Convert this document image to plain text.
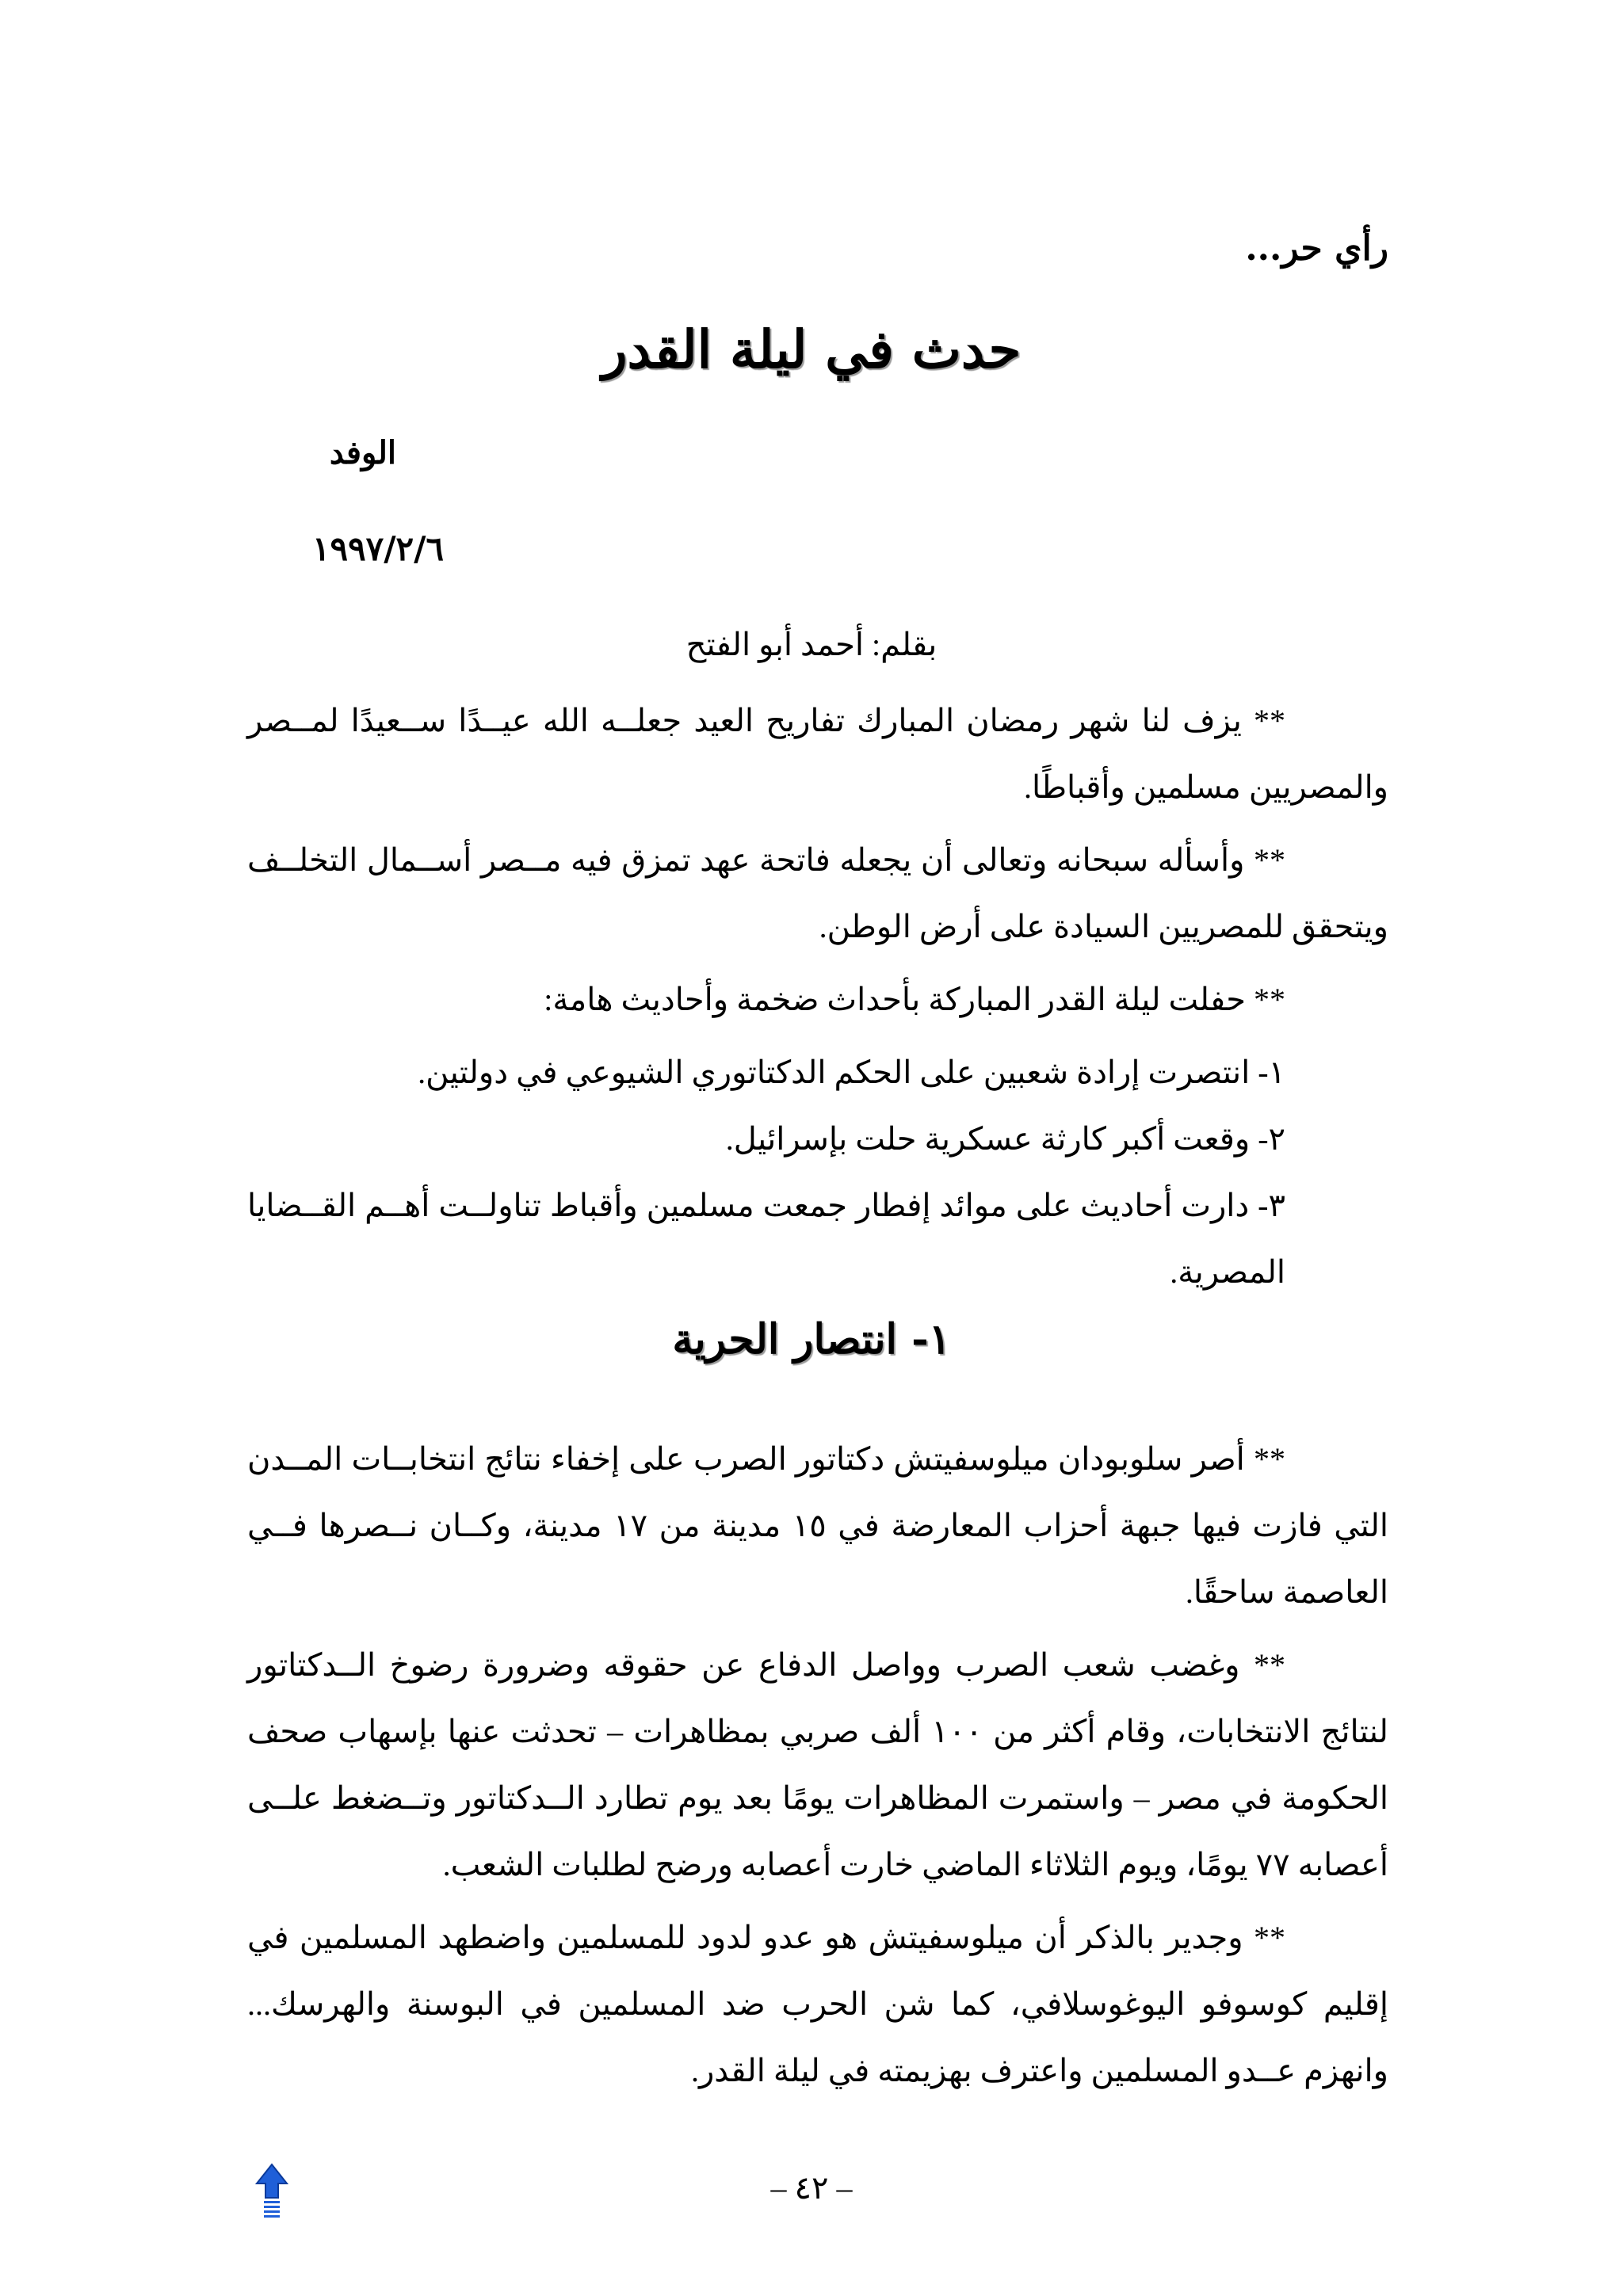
رأي حر...
حدث في ليلة القدر
الوفد
١٩٩٧/٢/٦
بقلم: أحمد أبو الفتح

** يزف لنا شهر رمضان المبارك تفاريح العيد جعلــه الله عيــدًا ســعيدًا لمــصر والمصريين مسلمين وأقباطًا.

** وأسأله سبحانه وتعالى أن يجعله فاتحة عهد تمزق فيه مــصر أســمال التخلــف ويتحقق للمصريين السيادة على أرض الوطن.

** حفلت ليلة القدر المباركة بأحداث ضخمة وأحاديث هامة:

١- انتصرت إرادة شعبين على الحكم الدكتاتوري الشيوعي في دولتين.
٢- وقعت أكبر كارثة عسكرية حلت بإسرائيل.
٣- دارت أحاديث على موائد إفطار جمعت مسلمين وأقباط تناولــت أهــم القــضايا المصرية.
١- انتصار الحرية

** أصر سلوبودان ميلوسفيتش دكتاتور الصرب على إخفاء نتائج انتخابــات المــدن التي فازت فيها جبهة أحزاب المعارضة في ١٥ مدينة من ١٧ مدينة، وكــان نــصرها فــي العاصمة ساحقًا.

** وغضب شعب الصرب وواصل الدفاع عن حقوقه وضرورة رضوخ الــدكتاتور لنتائج الانتخابات، وقام أكثر من ١٠٠ ألف صربي بمظاهرات – تحدثت عنها بإسهاب صحف الحكومة في مصر – واستمرت المظاهرات يومًا بعد يوم تطارد الــدكتاتور وتــضغط علــى أعصابه ٧٧ يومًا، ويوم الثلاثاء الماضي خارت أعصابه ورضح لطلبات الشعب.

** وجدير بالذكر أن ميلوسفيتش هو عدو لدود للمسلمين واضطهد المسلمين في إقليم كوسوفو اليوغوسلافي، كما شن الحرب ضد المسلمين في البوسنة والهرسك... وانهزم عــدو المسلمين واعترف بهزيمته في ليلة القدر.

– ٤٢ –
